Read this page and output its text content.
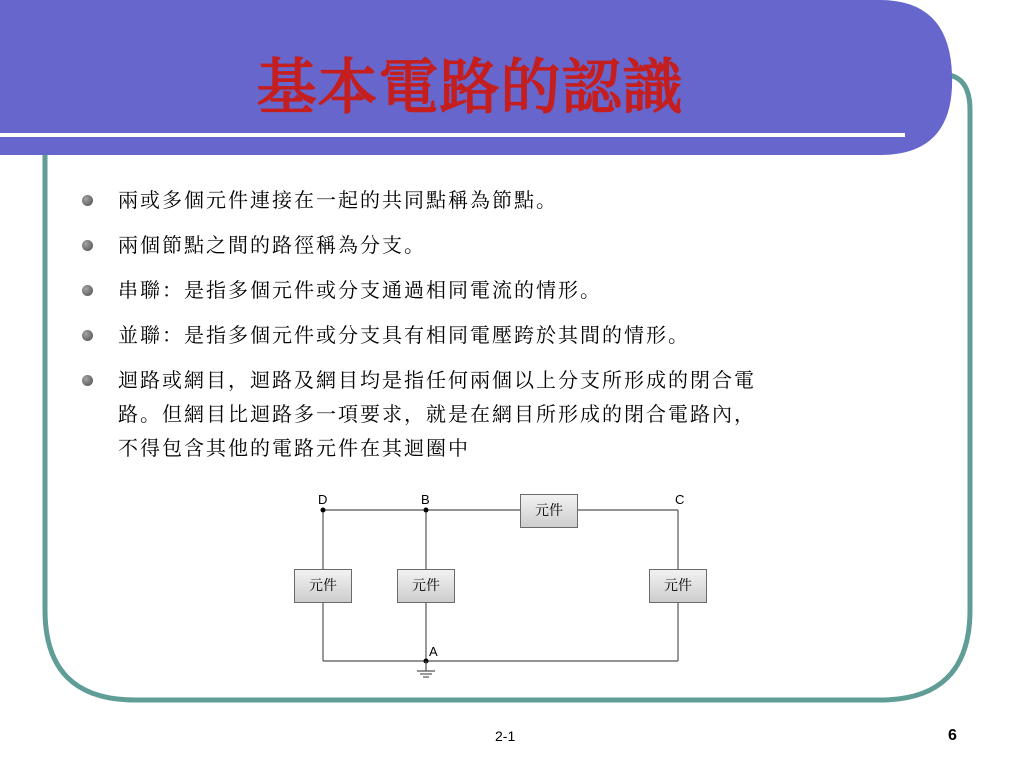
基本電路的認識
兩或多個元件連接在一起的共同點稱為節點。
兩個節點之間的路徑稱為分支。
串聯：是指多個元件或分支通過相同電流的情形。
並聯：是指多個元件或分支具有相同電壓跨於其間的情形。
迴路或網目，迴路及網目均是指任何兩個以上分支所形成的閉合電
路。但網目比迴路多一項要求，就是在網目所形成的閉合電路內，
不得包含其他的電路元件在其迴圈中
D	B	C
A
元件
元件	元件	元件
2-1	6
